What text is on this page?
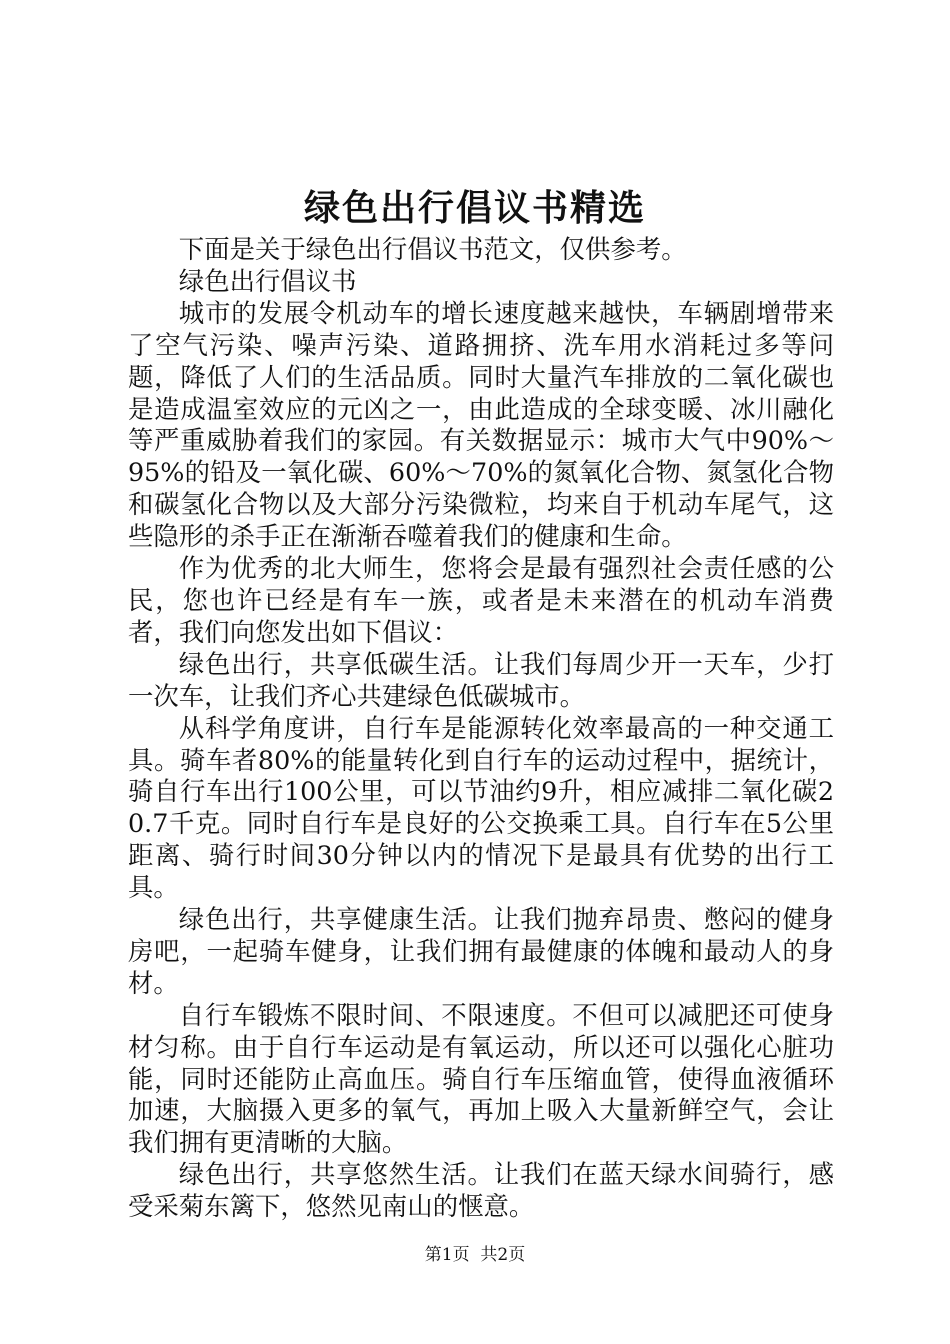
绿色出行倡议书精选

下面是关于绿色出行倡议书范文，仅供参考。

绿色出行倡议书

城市的发展令机动车的增长速度越来越快，车辆剧增带来了空气污染、噪声污染、道路拥挤、洗车用水消耗过多等问题，降低了人们的生活品质。同时大量汽车排放的二氧化碳也是造成温室效应的元凶之一，由此造成的全球变暖、冰川融化等严重威胁着我们的家园。有关数据显示：城市大气中90%～95%的铅及一氧化碳、60%～70%的氮氧化合物、氮氢化合物和碳氢化合物以及大部分污染微粒，均来自于机动车尾气，这些隐形的杀手正在渐渐吞噬着我们的健康和生命。

作为优秀的北大师生，您将会是最有强烈社会责任感的公民，您也许已经是有车一族，或者是未来潜在的机动车消费者，我们向您发出如下倡议：

绿色出行，共享低碳生活。让我们每周少开一天车，少打一次车，让我们齐心共建绿色低碳城市。

从科学角度讲，自行车是能源转化效率最高的一种交通工具。骑车者80%的能量转化到自行车的运动过程中，据统计，骑自行车出行100公里，可以节油约9升，相应减排二氧化碳20.7千克。同时自行车是良好的公交换乘工具。自行车在5公里距离、骑行时间30分钟以内的情况下是最具有优势的出行工具。

绿色出行，共享健康生活。让我们抛弃昂贵、憋闷的健身房吧，一起骑车健身，让我们拥有最健康的体魄和最动人的身材。

自行车锻炼不限时间、不限速度。不但可以减肥还可使身材匀称。由于自行车运动是有氧运动，所以还可以强化心脏功能，同时还能防止高血压。骑自行车压缩血管，使得血液循环加速，大脑摄入更多的氧气，再加上吸入大量新鲜空气，会让我们拥有更清晰的大脑。

绿色出行，共享悠然生活。让我们在蓝天绿水间骑行，感受采菊东篱下，悠然见南山的惬意。

第1页  共2页
